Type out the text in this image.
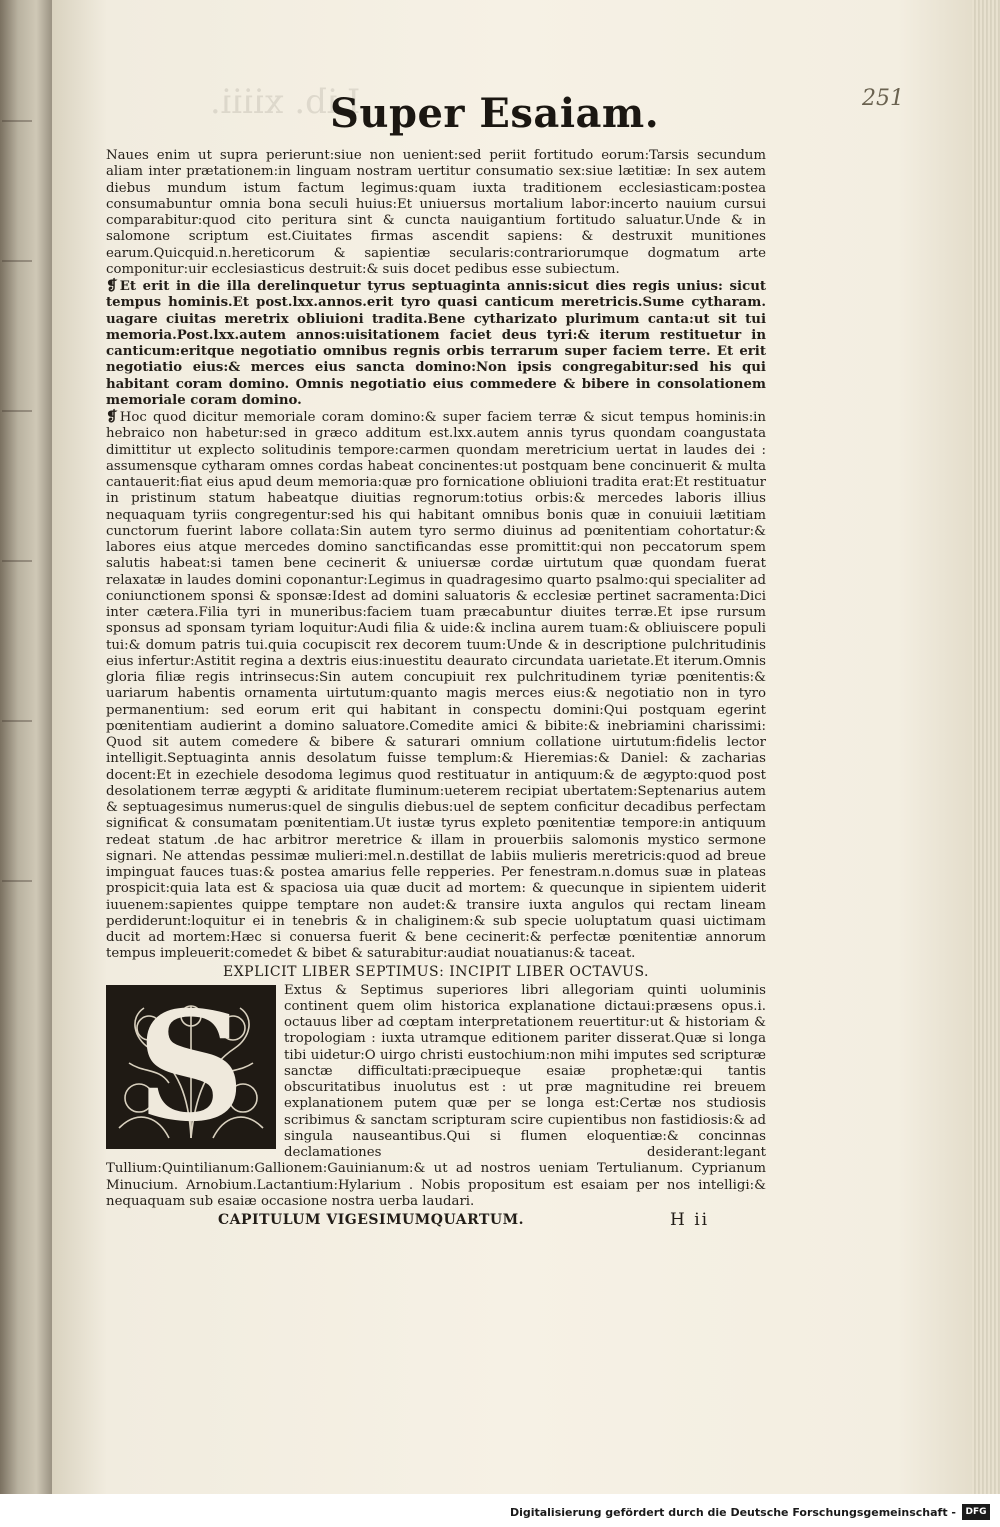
Lib. xiiii.	251
Super Esaiam.

Naues enim ut supra perierunt:siue non uenient:sed periit fortitudo eorum:Tarsis secundum aliam inter prætationem:in linguam nostram uertitur consumatio sex:siue lætitiæ: In sex autem diebus mundum istum factum legimus:quam iuxta traditionem ecclesiasticam:postea consumabuntur omnia bona seculi huius:Et uniuersus mortalium labor:incerto nauium cursui comparabitur:quod cito peritura sint & cuncta nauigantium fortitudo saluatur.Unde & in salomone scriptum est.Ciuitates firmas ascendit sapiens: & destruxit munitiones earum.Quicquid.n.hereticorum & sapientiæ secularis:contrariorumque dogmatum arte componitur:uir ecclesiasticus destruit:& suis docet pedibus esse subiectum.

❡ Et erit in die illa derelinquetur tyrus septuaginta annis:sicut dies regis unius: sicut tempus hominis.Et post.lxx.annos.erit tyro quasi canticum meretricis.Sume cytharam. uagare ciuitas meretrix obliuioni tradita.Bene cytharizato plurimum canta:ut sit tui memoria.Post.lxx.autem annos:uisitationem faciet deus tyri:& iterum restituetur in canticum:eritque negotiatio omnibus regnis orbis terrarum super faciem terre. Et erit negotiatio eius:& merces eius sancta domino:Non ipsis congregabitur:sed his qui habitant coram domino. Omnis negotiatio eius commedere & bibere in consolationem memoriale coram domino.

❡ Hoc quod dicitur memoriale coram domino:& super faciem terræ & sicut tempus hominis:in hebraico non habetur:sed in græco additum est.lxx.autem annis tyrus quondam coangustata dimittitur ut explecto solitudinis tempore:carmen quondam meretricium uertat in laudes dei : assumensque cytharam omnes cordas habeat concinentes:ut postquam bene concinuerit & multa cantauerit:fiat eius apud deum memoria:quæ pro fornicatione obliuioni tradita erat:Et restituatur in pristinum statum habeatque diuitias regnorum:totius orbis:& mercedes laboris illius nequaquam tyriis congregentur:sed his qui habitant omnibus bonis quæ in conuiuii lætitiam cunctorum fuerint labore collata:Sin autem tyro sermo diuinus ad pœnitentiam cohortatur:& labores eius atque mercedes domino sanctificandas esse promittit:qui non peccatorum spem salutis habeat:si tamen bene cecinerit & uniuersæ cordæ uirtutum quæ quondam fuerat relaxatæ in laudes domini coponantur:Legimus in quadragesimo quarto psalmo:qui specialiter ad coniunctionem sponsi & sponsæ:Idest ad domini saluatoris & ecclesiæ pertinet sacramenta:Dici inter cætera.Filia tyri in muneribus:faciem tuam præcabuntur diuites terræ.Et ipse rursum sponsus ad sponsam tyriam loquitur:Audi filia & uide:& inclina aurem tuam:& obliuiscere populi tui:& domum patris tui.quia cocupiscit rex decorem tuum:Unde & in descriptione pulchritudinis eius infertur:Astitit regina a dextris eius:inuestitu deaurato circundata uarietate.Et iterum.Omnis gloria filiæ regis intrinsecus:Sin autem concupiuit rex pulchritudinem tyriæ pœnitentis:& uariarum habentis ornamenta uirtutum:quanto magis merces eius:& negotiatio non in tyro permanentium: sed eorum erit qui habitant in conspectu domini:Qui postquam egerint pœnitentiam audierint a domino saluatore.Comedite amici & bibite:& inebriamini charissimi: Quod sit autem comedere & bibere & saturari omnium collatione uirtutum:fidelis lector intelligit.Septuaginta annis desolatum fuisse templum:& Hieremias:& Daniel: & zacharias docent:Et in ezechiele desodoma legimus quod restituatur in antiquum:& de ægypto:quod post desolationem terræ ægypti & ariditate fluminum:ueterem recipiat ubertatem:Septenarius autem & septuagesimus numerus:quel de singulis diebus:uel de septem conficitur decadibus perfectam significat & consumatam pœnitentiam.Ut iustæ tyrus expleto pœnitentiæ tempore:in antiquum redeat statum .de hac arbitror meretrice & illam in prouerbiis salomonis mystico sermone signari. Ne attendas pessimæ mulieri:mel.n.destillat de labiis mulieris meretricis:quod ad breue impinguat fauces tuas:& postea amarius felle repperies. Per fenestram.n.domus suæ in plateas prospicit:quia lata est & spaciosa uia quæ ducit ad mortem: & quecunque in sipientem uiderit iuuenem:sapientes quippe temptare non audet:& transire iuxta angulos qui rectam lineam perdiderunt:loquitur ei in tenebris & in chaliginem:& sub specie uoluptatum quasi uictimam ducit ad mortem:Hæc si conuersa fuerit & bene cecinerit:& perfectæ pœnitentiæ annorum tempus impleuerit:comedet & bibet & saturabitur:audiat nouatianus:& taceat.

EXPLICIT LIBER SEPTIMUS: INCIPIT LIBER OCTAVUS.

S	Extus & Septimus superiores libri allegoriam quinti uoluminis continent quem olim historica explanatione dictaui:præsens opus.i. octauus liber ad cœptam interpretationem reuertitur:ut & historiam & tropologiam : iuxta utramque editionem pariter disserat.Quæ si longa tibi uidetur:O uirgo christi eustochium:non mihi imputes sed scripturæ sanctæ difficultati:præcipueque esaiæ prophetæ:qui tantis obscuritatibus inuolutus est : ut præ magnitudine rei breuem explanationem putem quæ per se longa est:Certæ nos studiosis scribimus & sanctam scripturam scire cupientibus non fastidiosis:& ad singula nauseantibus.Qui si flumen eloquentiæ:& concinnas declamationes desiderant:legant Tullium:Quintilianum:Gallionem:Gauinianum:& ut ad nostros ueniam Tertulianum. Cyprianum Minucium. Arnobium.Lactantium:Hylarium . Nobis propositum est esaiam per nos intelligi:& nequaquam sub esaiæ occasione nostra uerba laudari.

CAPITULUM VIGESIMUMQUARTUM.	H ii
Digitalisierung gefördert durch die Deutsche Forschungsgemeinschaft -	DFG
